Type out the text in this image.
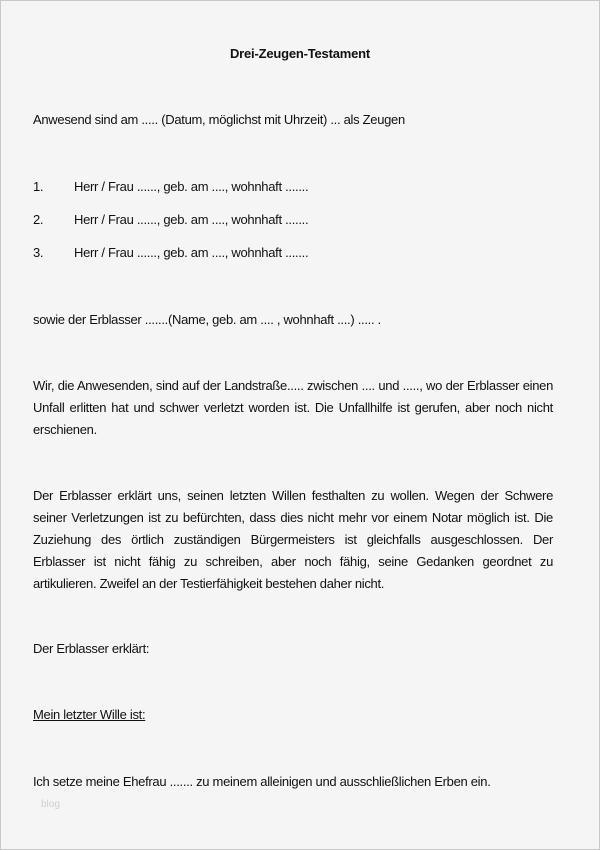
Drei-Zeugen-Testament
Anwesend sind am ..... (Datum, möglichst mit Uhrzeit) ... als Zeugen
1. Herr / Frau ......, geb. am ...., wohnhaft .......
2. Herr / Frau ......, geb. am ...., wohnhaft .......
3. Herr / Frau ......, geb. am ...., wohnhaft .......
sowie der Erblasser .......(Name, geb. am .... , wohnhaft ....) ..... .
Wir, die Anwesenden, sind auf der Landstraße..... zwischen .... und ....., wo der Erblasser einen Unfall erlitten hat und schwer verletzt worden ist. Die Unfallhilfe ist gerufen, aber noch nicht erschienen.
Der Erblasser erklärt uns, seinen letzten Willen festhalten zu wollen. Wegen der Schwere seiner Verletzungen ist zu befürchten, dass dies nicht mehr vor einem Notar möglich ist. Die Zuziehung des örtlich zuständigen Bürgermeisters ist gleichfalls ausgeschlossen. Der Erblasser ist nicht fähig zu schreiben, aber noch fähig, seine Gedanken geordnet zu artikulieren. Zweifel an der Testierfähigkeit bestehen daher nicht.
Der Erblasser erklärt:
Mein letzter Wille ist:
Ich setze meine Ehefrau ....... zu meinem alleinigen und ausschließlichen Erben ein.
blog
